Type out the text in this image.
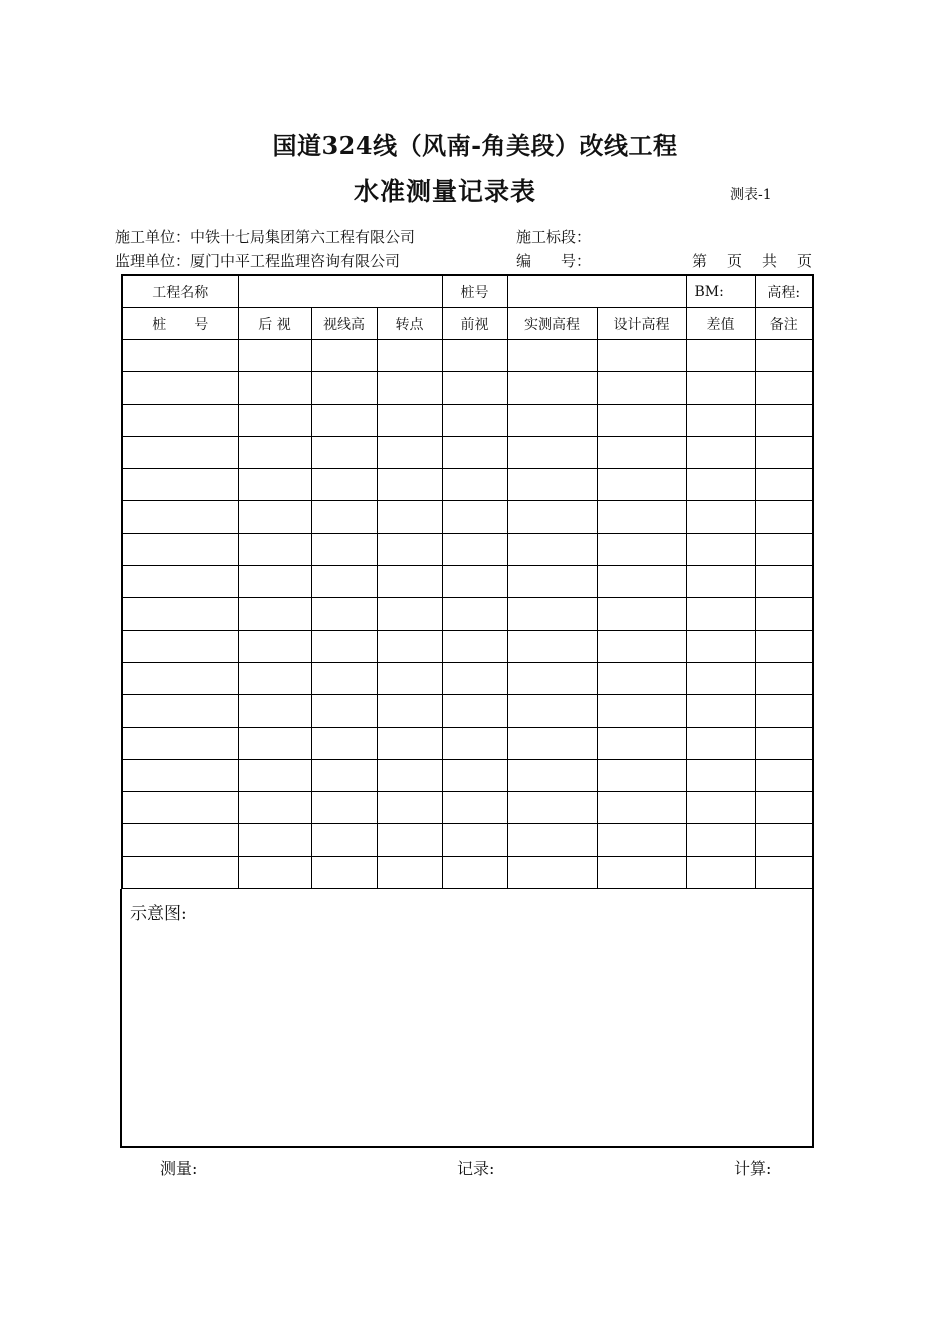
国道324线（风南-角美段）改线工程
水准测量记录表	测表-1
施工单位：中铁十七局集团第六工程有限公司	施工标段：
监理单位：厦门中平工程监理咨询有限公司	编　　号：	第 页 共 页
工程名称				桩号			BM:	高程:
桩　　号	后 视	视线高	转点	前视	实测高程	设计高程	差值	备注

示意图:
测量:	记录:	计算:
